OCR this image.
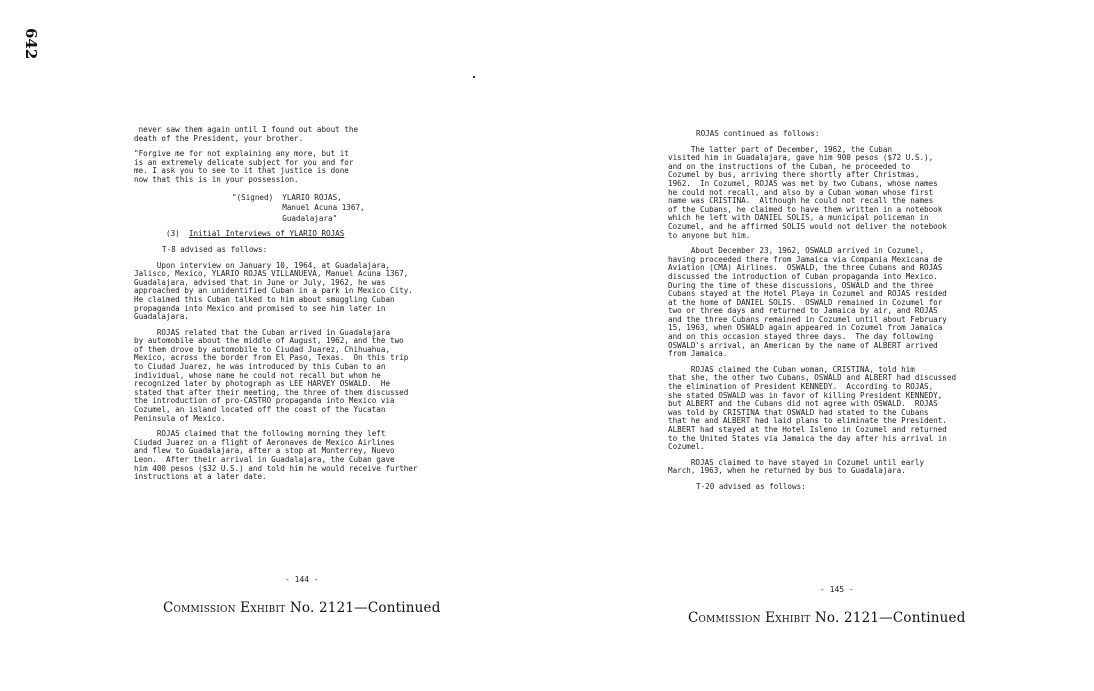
642

never saw them again until I found out about the

death of the President, your brother.

"Forgive me for not explaining any more, but it

is an extremely delicate subject for you and for

me. I ask you to see to it that justice is done

now that this is in your possession.

"(Signed)  YLARIO ROJAS,

Manuel Acuna 1367,

Guadalajara"

(3) Initial Interviews of YLARIO ROJAS

T-8 advised as follows:

Upon interview on January 10, 1964, at Guadalajara,

Jalisco, Mexico, YLARIO ROJAS VILLANUEVA, Manuel Acuna 1367,

Guadalajara, advised that in June or July, 1962, he was

approached by an unidentified Cuban in a park in Mexico City.

He claimed this Cuban talked to him about smuggling Cuban

propaganda into Mexico and promised to see him later in

Guadalajara.

ROJAS related that the Cuban arrived in Guadalajara

by automobile about the middle of August, 1962, and the two

of them drove by automobile to Ciudad Juarez, Chihuahua,

Mexico, across the border from El Paso, Texas.  On this trip

to Ciudad Juarez, he was introduced by this Cuban to an

individual, whose name he could not recall but whom he

recognized later by photograph as LEE HARVEY OSWALD.  He

stated that after their meeting, the three of them discussed

the introduction of pro-CASTRO propaganda into Mexico via

Cozumel, an island located off the coast of the Yucatan

Peninsula of Mexico.

ROJAS claimed that the following morning they left

Ciudad Juarez on a flight of Aeronaves de Mexico Airlines

and flew to Guadalajara, after a stop at Monterrey, Nuevo

Leon.  After their arrival in Guadalajara, the Cuban gave

him 400 pesos ($32 U.S.) and told him he would receive further

instructions at a later date.

ROJAS continued as follows:

The latter part of December, 1962, the Cuban

visited him in Guadalajara, gave him 900 pesos ($72 U.S.),

and on the instructions of the Cuban, he proceeded to

Cozumel by bus, arriving there shortly after Christmas,

1962.  In Cozumel, ROJAS was met by two Cubans, whose names

he could not recall, and also by a Cuban woman whose first

name was CRISTINA.  Although he could not recall the names

of the Cubans, he claimed to have them written in a notebook

which he left with DANIEL SOLIS, a municipal policeman in

Cozumel, and he affirmed SOLIS would not deliver the notebook

to anyone but him.

About December 23, 1962, OSWALD arrived in Cozumel,

having proceeded there from Jamaica via Compania Mexicana de

Aviation (CMA) Airlines.  OSWALD, the three Cubans and ROJAS

discussed the introduction of Cuban propaganda into Mexico.

During the time of these discussions, OSWALD and the three

Cubans stayed at the Hotel Playa in Cozumel and ROJAS resided

at the home of DANIEL SOLIS.  OSWALD remained in Cozumel for

two or three days and returned to Jamaica by air, and ROJAS

and the three Cubans remained in Cozumel until about February

15, 1963, when OSWALD again appeared in Cozumel from Jamaica

and on this occasion stayed three days.  The day following

OSWALD's arrival, an American by the name of ALBERT arrived

from Jamaica.

ROJAS claimed the Cuban woman, CRISTINA, told him

that she, the other two Cubans, OSWALD and ALBERT had discussed

the elimination of President KENNEDY.  According to ROJAS,

she stated OSWALD was in favor of killing President KENNEDY,

but ALBERT and the Cubans did not agree with OSWALD.  ROJAS

was told by CRISTINA that OSWALD had stated to the Cubans

that he and ALBERT had laid plans to eliminate the President.

ALBERT had stayed at the Hotel Isleno in Cozumel and returned

to the United States via Jamaica the day after his arrival in

Cozumel.

ROJAS claimed to have stayed in Cozumel until early

March, 1963, when he returned by bus to Guadalajara.

T-20 advised as follows:

- 144 -
- 145 -
Commission Exhibit No. 2121—Continued
Commission Exhibit No. 2121—Continued
